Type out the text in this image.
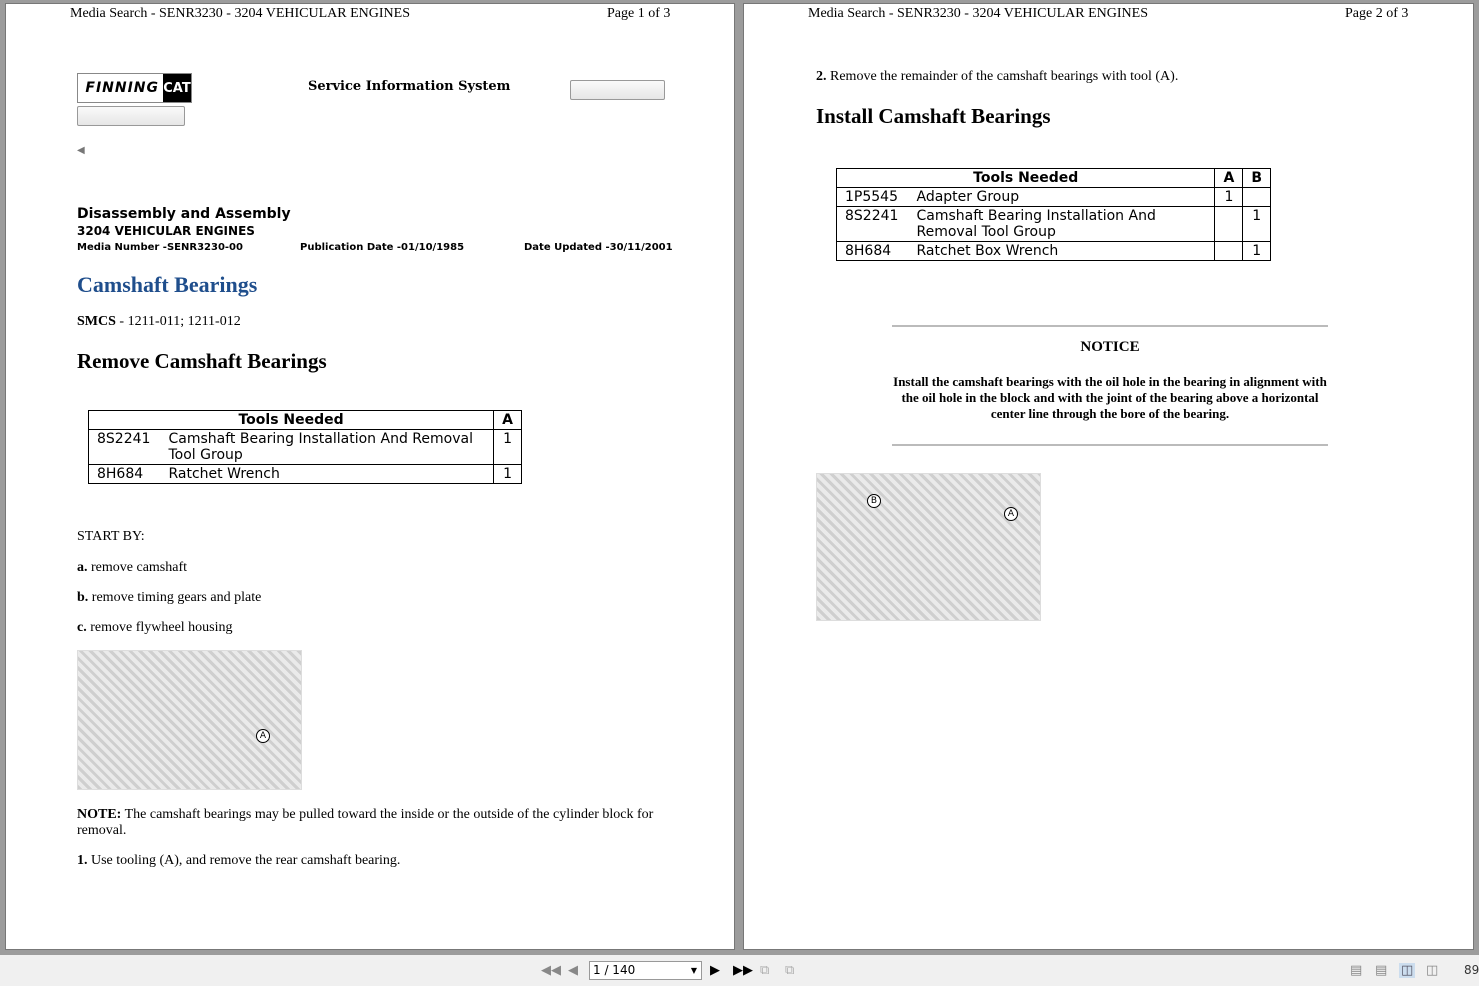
Media Search - SENR3230 - 3204 VEHICULAR ENGINES	Page 1 of 3
FINNING CAT	Service Information System
◀
Disassembly and Assembly
3204 VEHICULAR ENGINES
Media Number -SENR3230-00	Publication Date -01/10/1985	Date Updated -30/11/2001
Camshaft Bearings
SMCS - 1211-011; 1211-012
Remove Camshaft Bearings
Tools Needed		A
8S2241	Camshaft Bearing Installation And Removal Tool Group	1
8H684	Ratchet Wrench	1
START BY:
a. remove camshaft
b. remove timing gears and plate
c. remove flywheel housing
A
NOTE: The camshaft bearings may be pulled toward the inside or the outside of the cylinder block for removal.
1. Use tooling (A), and remove the rear camshaft bearing.
Media Search - SENR3230 - 3204 VEHICULAR ENGINES	Page 2 of 3
2. Remove the remainder of the camshaft bearings with tool (A).
Install Camshaft Bearings
Tools Needed		A	B
1P5545	Adapter Group	1	
8S2241	Camshaft Bearing Installation And Removal Tool Group		1
8H684	Ratchet Box Wrench		1
NOTICE
Install the camshaft bearings with the oil hole in the bearing in alignment with the oil hole in the block and with the joint of the bearing above a horizontal center line through the bore of the bearing.
B
A
◀◀ ◀	1 / 140	▼ ▶ ▶▶ ⧉ ⧉	▤ ▤ ◫ ◫ 89
